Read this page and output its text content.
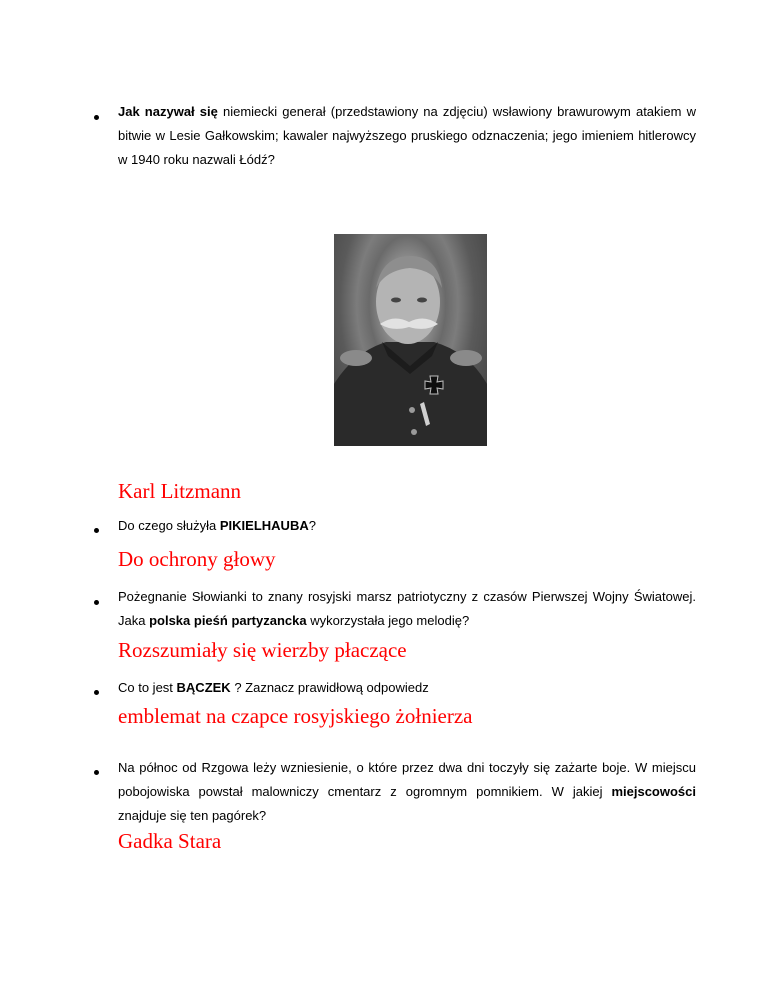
Jak nazywał się niemiecki generał (przedstawiony na zdjęciu) wsławiony brawurowym atakiem w bitwie w Lesie Gałkowskim; kawaler najwyższego pruskiego odznaczenia; jego imieniem hitlerowcy w 1940 roku nazwali Łódź?

Karl Litzmann

Do czego służyła PIKIELHAUBA?

Do ochrony głowy

Pożegnanie Słowianki to znany rosyjski marsz patriotyczny z czasów Pierwszej Wojny Światowej. Jaka polska pieśń partyzancka wykorzystała jego melodię?

Rozszumiały się wierzby płaczące

Co to jest BĄCZEK ? Zaznacz prawidłową odpowiedz

emblemat na czapce rosyjskiego żołnierza

Na północ od Rzgowa leży wzniesienie, o które przez dwa dni toczyły się zażarte boje. W miejscu pobojowiska powstał malowniczy cmentarz z ogromnym pomnikiem. W jakiej miejscowości znajduje się ten pagórek?

Gadka Stara
